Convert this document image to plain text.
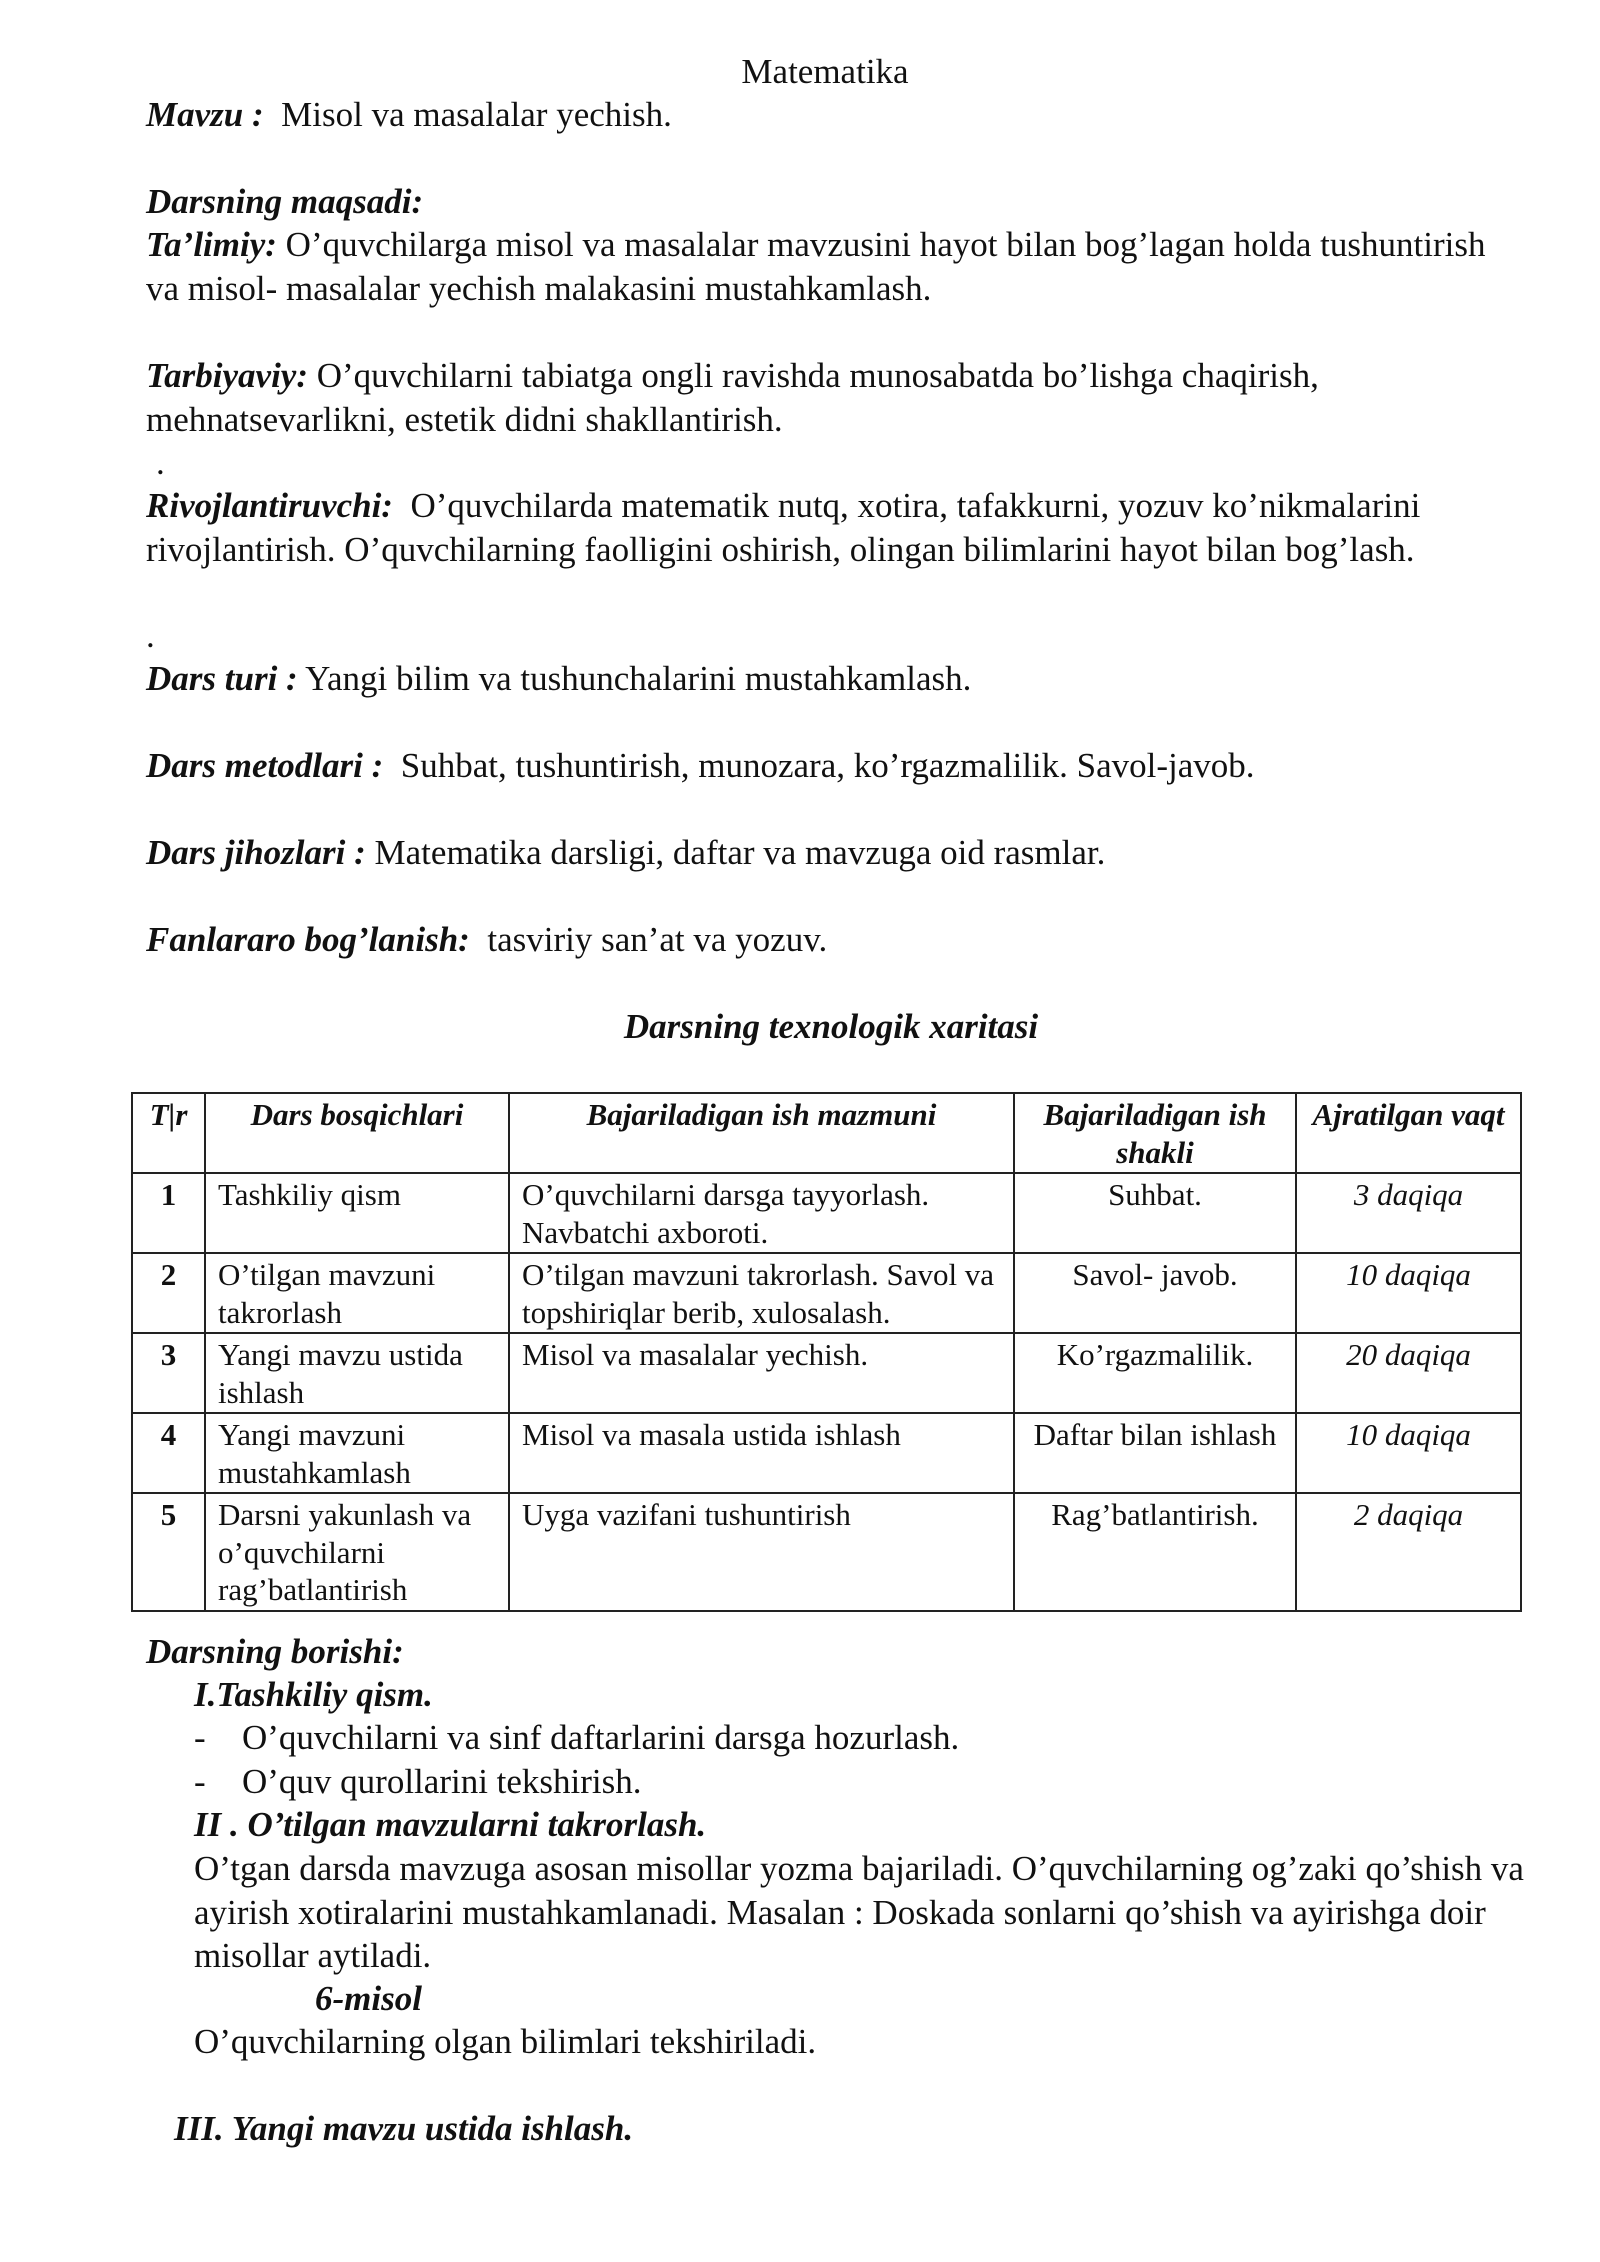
Matematika

Mavzu : Misol va masalalar yechish.

Darsning maqsadi:

Ta’limiy: O’quvchilarga misol va masalalar mavzusini hayot bilan bog’lagan holda tushuntirish va misol- masalalar yechish malakasini mustahkamlash.

Tarbiyaviy: O’quvchilarni tabiatga ongli ravishda munosabatda bo’lishga chaqirish, mehnatsevarlikni, estetik didni shakllantirish.

.

Rivojlantiruvchi: O’quvchilarda matematik nutq, xotira, tafakkurni, yozuv ko’nikmalarini rivojlantirish. O’quvchilarning faolligini oshirish, olingan bilimlarini hayot bilan bog’lash.

.

Dars turi : Yangi bilim va tushunchalarini mustahkamlash.

Dars metodlari : Suhbat, tushuntirish, munozara, ko’rgazmalilik. Savol-javob.

Dars jihozlari : Matematika darsligi, daftar va mavzuga oid rasmlar.

Fanlararo bog’lanish: tasviriy san’at va yozuv.

Darsning texnologik xaritasi

T|r	Dars bosqichlari	Bajariladigan ish mazmuni	Bajariladigan ish shakli	Ajratilgan vaqt
1	Tashkiliy qism	O’quvchilarni darsga tayyorlash. Navbatchi axboroti.	Suhbat.	3 daqiqa
2	O’tilgan mavzuni takrorlash	O’tilgan mavzuni takrorlash. Savol va topshiriqlar berib, xulosalash.	Savol- javob.	10 daqiqa
3	Yangi mavzu ustida ishlash	Misol va masalalar yechish.	Ko’rgazmalilik.	20 daqiqa
4	Yangi mavzuni mustahkamlash	Misol va masala ustida ishlash	Daftar bilan ishlash	10 daqiqa
5	Darsni yakunlash va o’quvchilarni rag’batlantirish	Uyga vazifani tushuntirish	Rag’batlantirish.	2 daqiqa

Darsning borishi:

I.Tashkiliy qism.

- O’quvchilarni va sinf daftarlarini darsga hozurlash.

- O’quv qurollarini tekshirish.

II . O’tilgan mavzularni takrorlash.

O’tgan darsda mavzuga asosan misollar yozma bajariladi. O’quvchilarning og’zaki qo’shish va ayirish xotiralarini mustahkamlanadi. Masalan : Doskada sonlarni qo’shish va ayirishga doir misollar aytiladi.

6-misol

O’quvchilarning olgan bilimlari tekshiriladi.

III. Yangi mavzu ustida ishlash.
